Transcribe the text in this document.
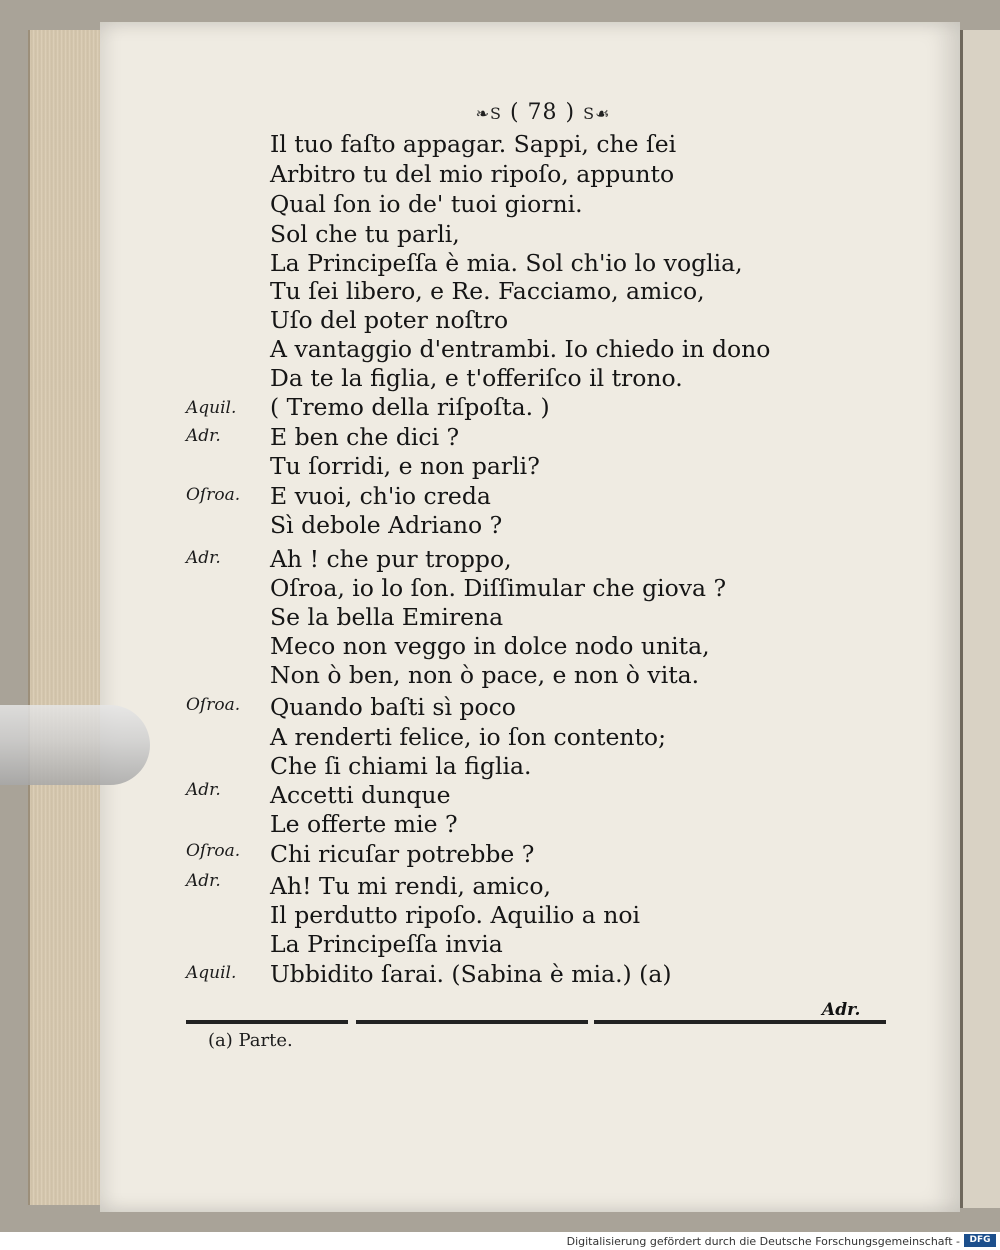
❧S ( 78 ) S☙
Il tuo faſto appagar. Sappi, che ſei
Arbitro tu del mio ripoſo, appunto
Qual ſon io de' tuoi giorni.
Sol che tu parli,
La Principeſſa è mia. Sol ch'io lo voglia,
Tu ſei libero, e Re. Facciamo, amico,
Uſo del poter noſtro
A vantaggio d'entrambi. Io chiedo in dono
Da te la figlia, e t'offeriſco il trono.
( Tremo della riſpoſta. )
E ben che dici ?
Tu ſorridi, e non parli?
E vuoi, ch'io creda
Sì debole Adriano ?
Ah ! che pur troppo,
Oſroa, io lo ſon. Diſſimular che giova ?
Se la bella Emirena
Meco non veggo in dolce nodo unita,
Non ò ben, non ò pace, e non ò vita.
Quando baſti sì poco
A renderti felice, io ſon contento;
Che ſi chiami la figlia.
Accetti dunque
Le offerte mie ?
Chi ricuſar potrebbe ?
Ah! Tu mi rendi, amico,
Il perdutto ripoſo. Aquilio a noi
La Principeſſa invia
Ubbidito ſarai. (Sabina è mia.) (a)
Aquil.
Adr.
Oſroa.
Adr.
Oſroa.
Adr.
Oſroa.
Adr.
Aquil.
Adr.
(a) Parte.
Digitalisierung gefördert durch die Deutsche Forschungsgemeinschaft -	DFG
